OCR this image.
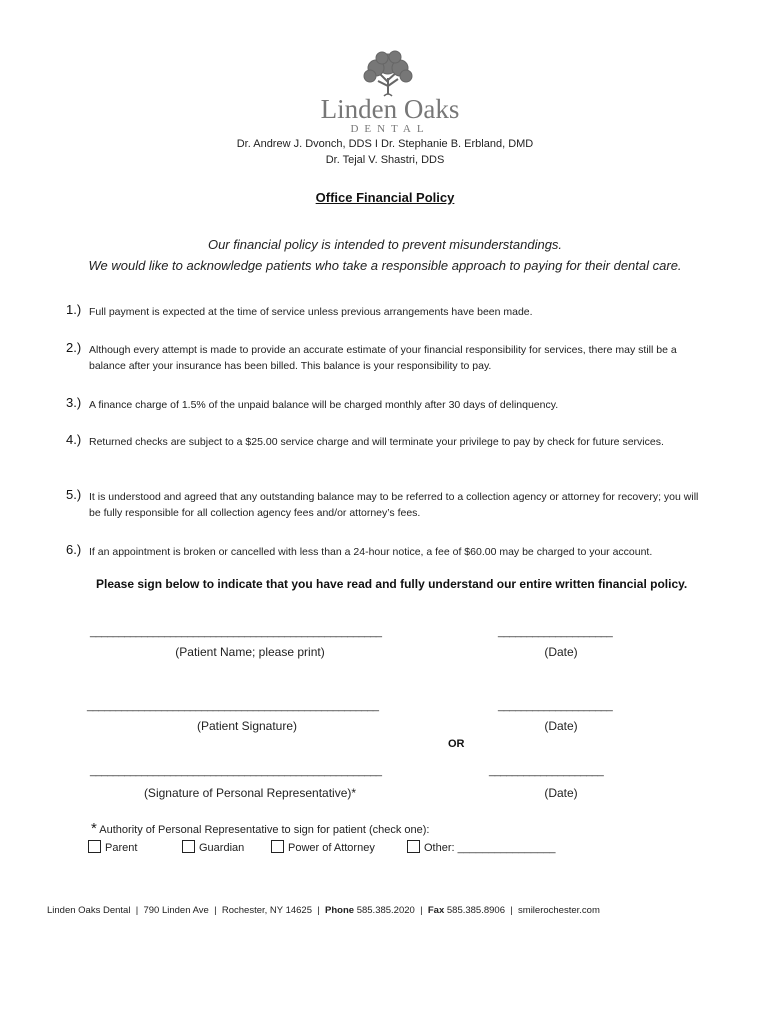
Linden Oaks
DENTAL
Dr. Andrew J. Dvonch, DDS I Dr. Stephanie B. Erbland, DMD
Dr. Tejal V. Shastri, DDS
Office Financial Policy
Our financial policy is intended to prevent misunderstandings.
We would like to acknowledge patients who take a responsible approach to paying for their dental care.
1.) Full payment is expected at the time of service unless previous arrangements have been made.
2.) Although every attempt is made to provide an accurate estimate of your financial responsibility for services, there may still be a balance after your insurance has been billed. This balance is your responsibility to pay.
3.) A finance charge of 1.5% of the unpaid balance will be charged monthly after 30 days of delinquency.
4.) Returned checks are subject to a $25.00 service charge and will terminate your privilege to pay by check for future services.
5.) It is understood and agreed that any outstanding balance may to be referred to a collection agency or attorney for recovery; you will be fully responsible for all collection agency fees and/or attorney’s fees.
6.) If an appointment is broken or cancelled with less than a 24-hour notice, a fee of $60.00 may be charged to your account.
Please sign below to indicate that you have read and fully understand our entire written financial policy.
___________________________________________________
(Patient Name; please print)
____________________
(Date)
___________________________________________________
(Patient Signature)
____________________
(Date)
OR
___________________________________________________
(Signature of Personal Representative)*
____________________
(Date)
* Authority of Personal Representative to sign for patient (check one):
Parent	Guardian	Power of Attorney	Other: ________________
Linden Oaks Dental  |  790 Linden Ave  |  Rochester, NY 14625  |  Phone 585.385.2020  |  Fax 585.385.8906  |  smilerochester.com
